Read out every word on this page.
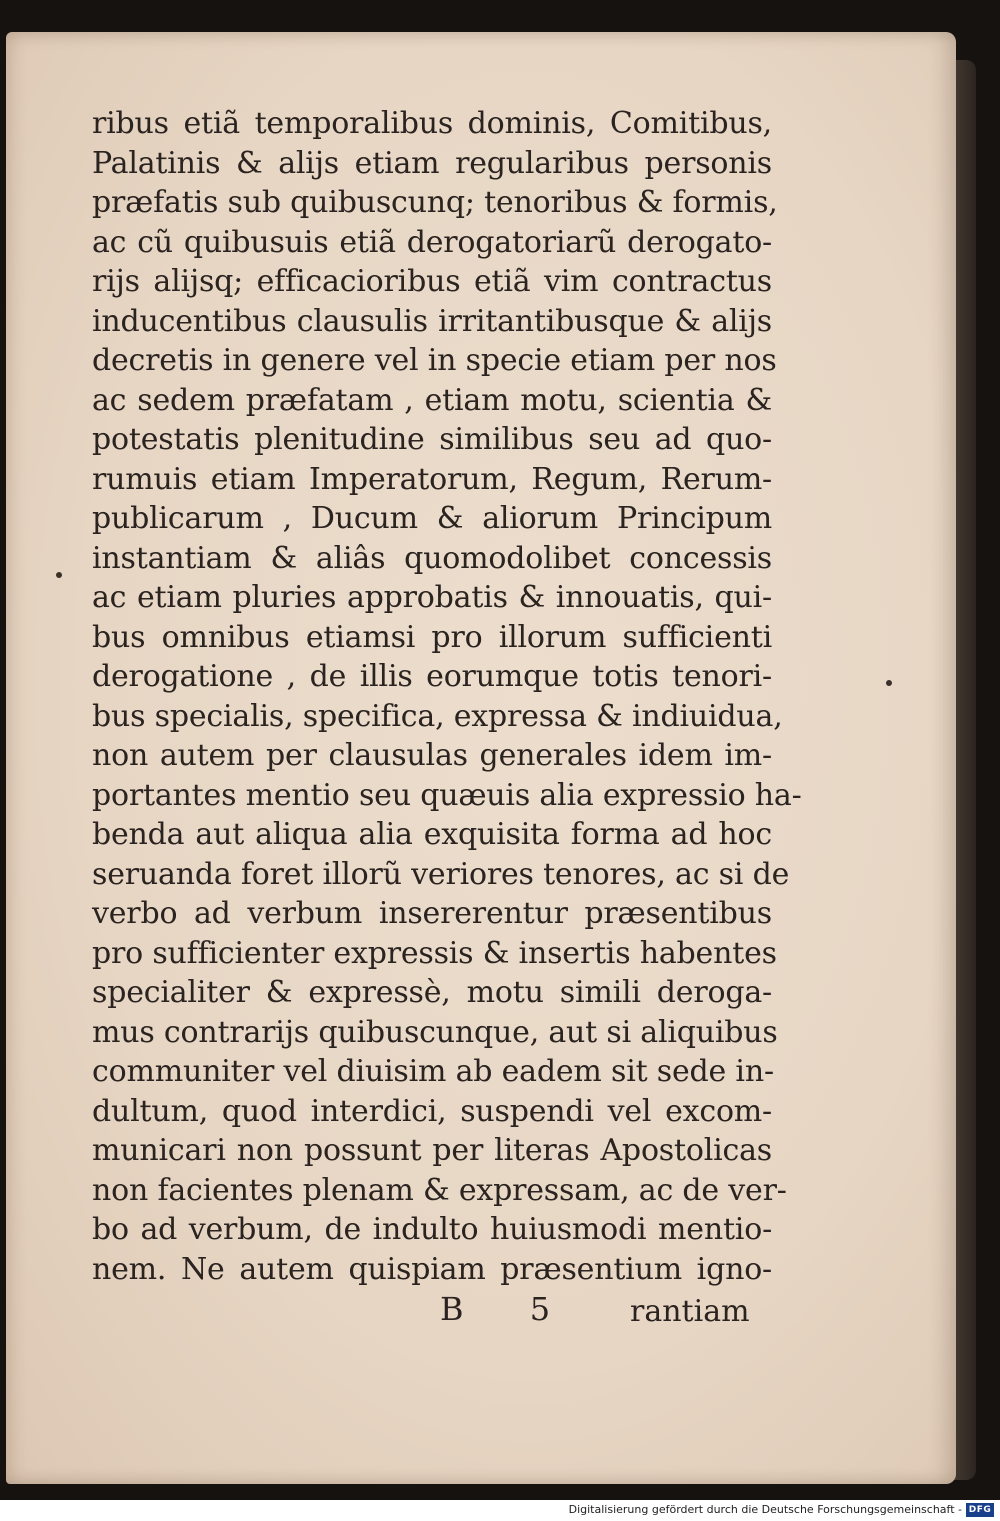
ribus etiã temporalibus dominis, Comitibus,
Palatinis & alijs etiam regularibus personis
præfatis sub quibuscunq; tenoribus & formis,
ac cũ quibusuis etiã derogatoriarũ derogato-
rijs alijsq; efficacioribus etiã vim contractus
inducentibus clausulis irritantibusque & alijs
decretis in genere vel in specie etiam per nos
ac sedem præfatam , etiam motu, scientia &
potestatis plenitudine similibus seu ad quo-
rumuis etiam Imperatorum, Regum, Rerum-
publicarum , Ducum & aliorum Principum
instantiam & aliâs quomodolibet concessis
ac etiam pluries approbatis & innouatis, qui-
bus omnibus etiamsi pro illorum sufficienti
derogatione , de illis eorumque totis tenori-
bus specialis, specifica, expressa & indiuidua,
non autem per clausulas generales idem im-
portantes mentio seu quæuis alia expressio ha-
benda aut aliqua alia exquisita forma ad hoc
seruanda foret illorũ veriores tenores, ac si de
verbo ad verbum insererentur præsentibus
pro sufficienter expressis & insertis habentes
specialiter & expressè, motu simili deroga-
mus contrarijs quibuscunque, aut si aliquibus
communiter vel diuisim ab eadem sit sede in-
dultum, quod interdici, suspendi vel excom-
municari non possunt per literas Apostolicas
non facientes plenam & expressam, ac de ver-
bo ad verbum, de indulto huiusmodi mentio-
nem. Ne autem quispiam præsentium igno-
B 5 rantiam
Digitalisierung gefördert durch die Deutsche Forschungsgemeinschaft - DFG
